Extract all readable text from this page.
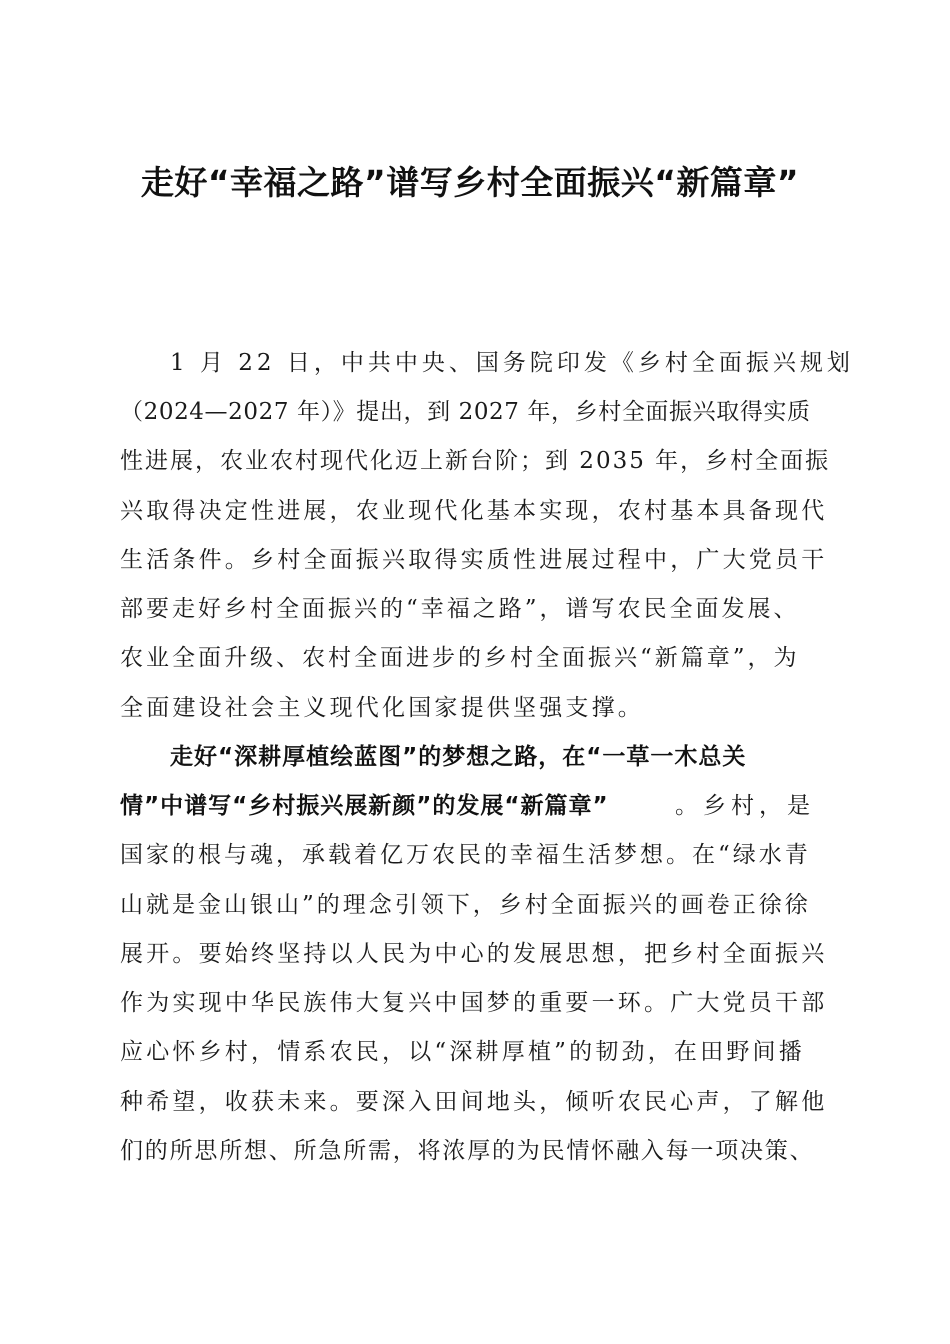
走好“幸福之路”谱写乡村全面振兴“新篇章”
1 月 22 日，中共中央、国务院印发《乡村全面振兴规划
（2024—2027 年）》提出，到 2027 年，乡村全面振兴取得实质
性进展，农业农村现代化迈上新台阶；到 2035 年，乡村全面振
兴取得决定性进展，农业现代化基本实现，农村基本具备现代
生活条件。乡村全面振兴取得实质性进展过程中，广大党员干
部要走好乡村全面振兴的“幸福之路”，谱写农民全面发展、
农业全面升级、农村全面进步的乡村全面振兴“新篇章”，为
全面建设社会主义现代化国家提供坚强支撑。
走好“深耕厚植绘蓝图”的梦想之路，在“一草一木总关
情”中谱写“乡村振兴展新颜”的发展“新篇章”	。乡村，是
国家的根与魂，承载着亿万农民的幸福生活梦想。在“绿水青
山就是金山银山”的理念引领下，乡村全面振兴的画卷正徐徐
展开。要始终坚持以人民为中心的发展思想，把乡村全面振兴
作为实现中华民族伟大复兴中国梦的重要一环。广大党员干部
应心怀乡村，情系农民，以“深耕厚植”的韧劲，在田野间播
种希望，收获未来。要深入田间地头，倾听农民心声，了解他
们的所思所想、所急所需，将浓厚的为民情怀融入每一项决策、
